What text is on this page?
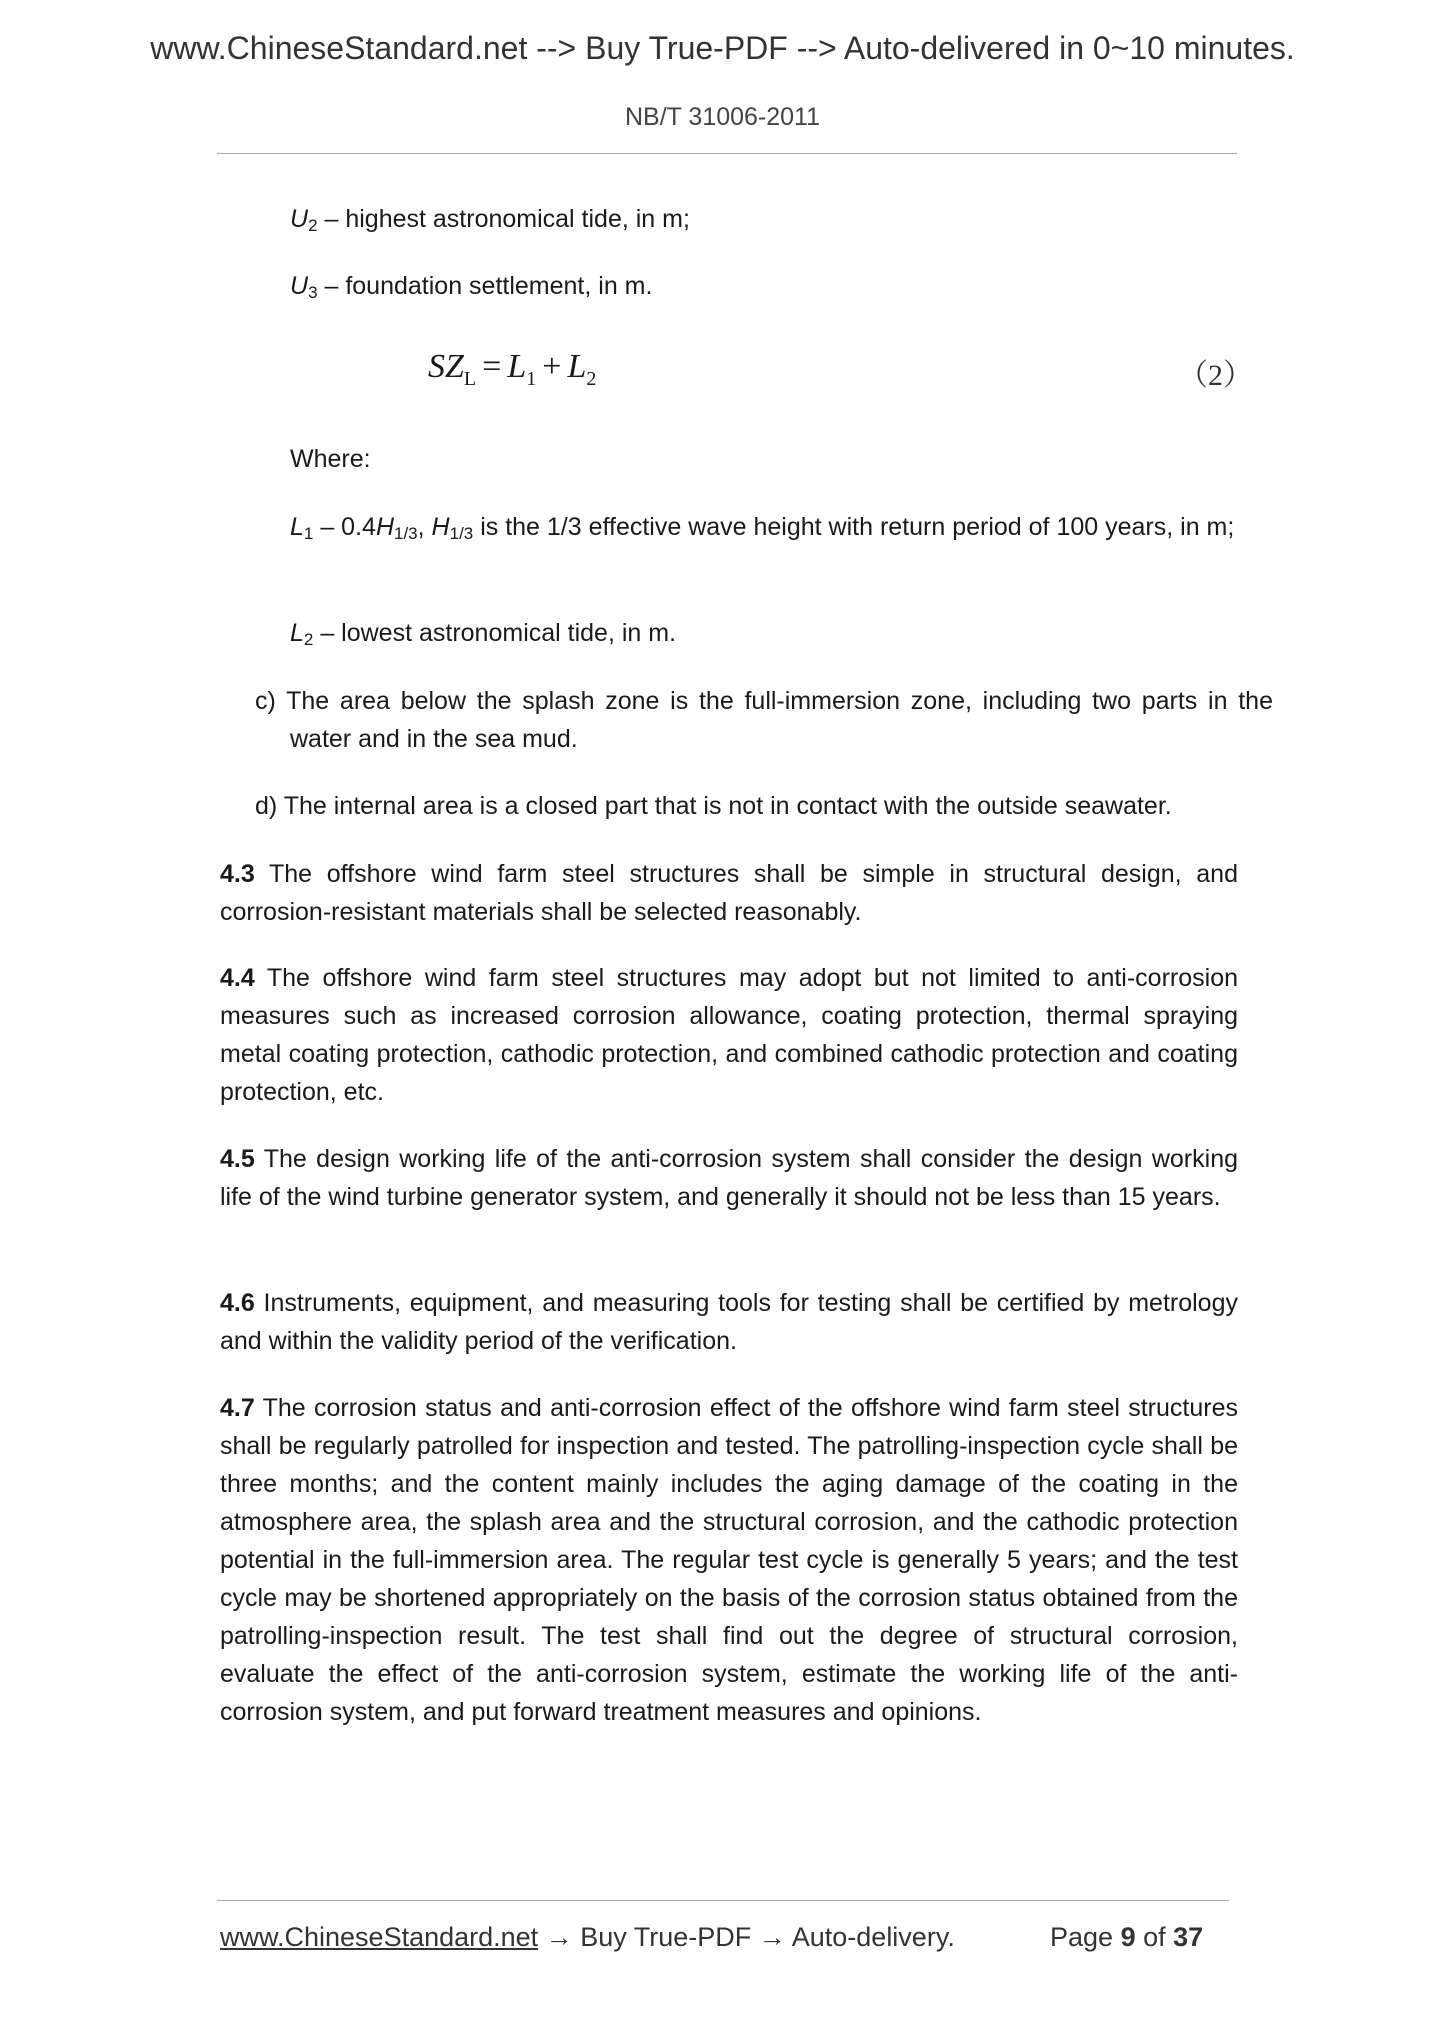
www.ChineseStandard.net --> Buy True-PDF --> Auto-delivered in 0~10 minutes.
NB/T 31006-2011
$U_2$ – highest astronomical tide, in m;
$U_3$ – foundation settlement, in m.
$SZ_L = L_1 + L_2$	（2）
Where:
$L_1 - 0.4H_{1/3}$, $H_{1/3}$ is the 1/3 effective wave height with return period of 100 years, in m;
$L_2$ – lowest astronomical tide, in m.
c) The area below the splash zone is the full-immersion zone, including two parts in the water and in the sea mud.
d) The internal area is a closed part that is not in contact with the outside seawater.
4.3 The offshore wind farm steel structures shall be simple in structural design, and corrosion-resistant materials shall be selected reasonably.
4.4 The offshore wind farm steel structures may adopt but not limited to anti-corrosion measures such as increased corrosion allowance, coating protection, thermal spraying metal coating protection, cathodic protection, and combined cathodic protection and coating protection, etc.
4.5 The design working life of the anti-corrosion system shall consider the design working life of the wind turbine generator system, and generally it should not be less than 15 years.
4.6 Instruments, equipment, and measuring tools for testing shall be certified by metrology and within the validity period of the verification.
4.7 The corrosion status and anti-corrosion effect of the offshore wind farm steel structures shall be regularly patrolled for inspection and tested. The patrolling-inspection cycle shall be three months; and the content mainly includes the aging damage of the coating in the atmosphere area, the splash area and the structural corrosion, and the cathodic protection potential in the full-immersion area. The regular test cycle is generally 5 years; and the test cycle may be shortened appropriately on the basis of the corrosion status obtained from the patrolling-inspection result. The test shall find out the degree of structural corrosion, evaluate the effect of the anti-corrosion system, estimate the working life of the anti-corrosion system, and put forward treatment measures and opinions.
www.ChineseStandard.net → Buy True-PDF → Auto-delivery.	Page 9 of 37
